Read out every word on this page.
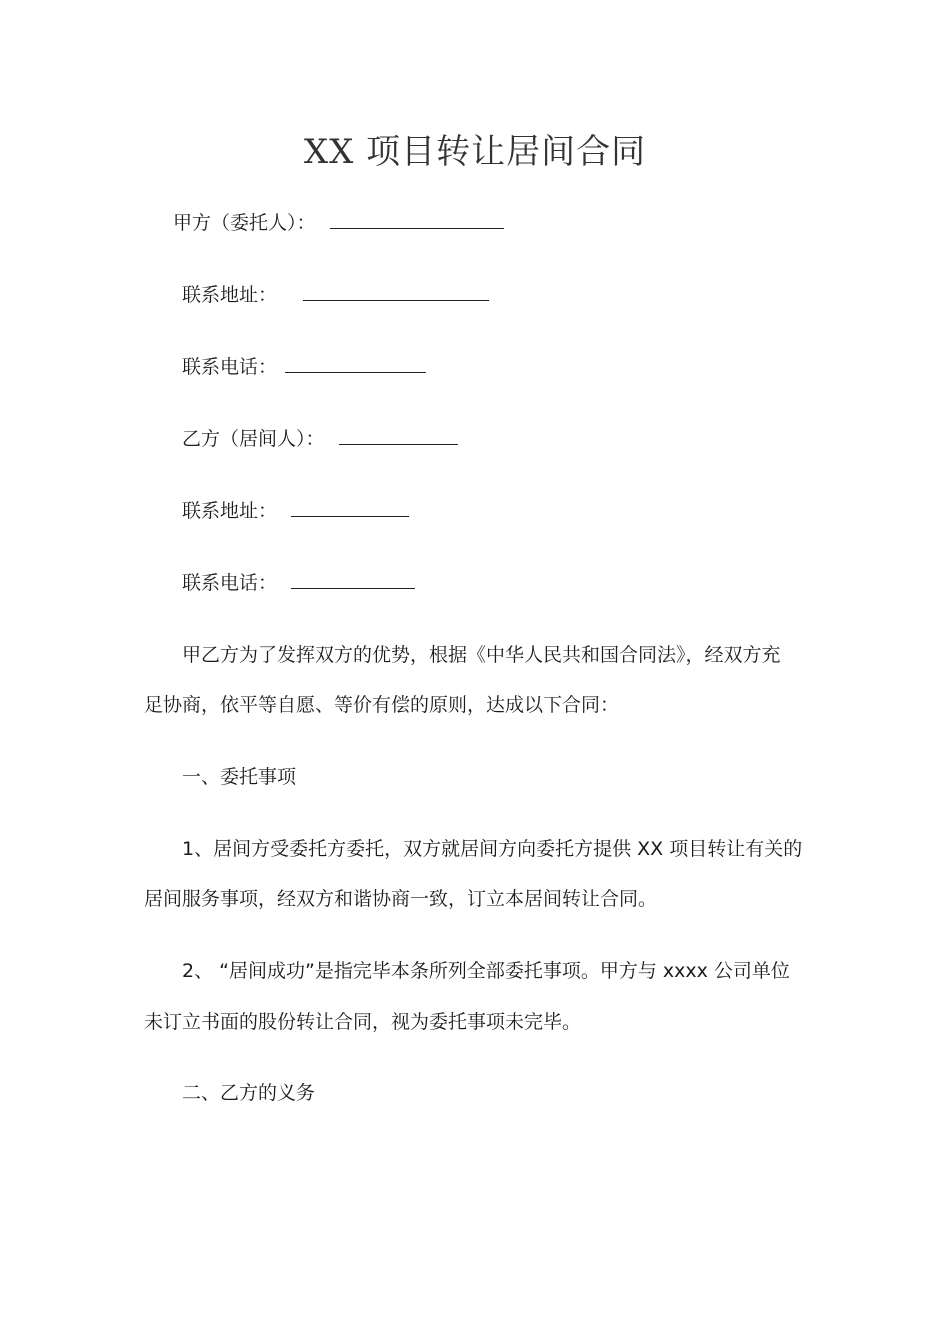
XX 项目转让居间合同
甲方（委托人）：
联系地址：
联系电话：
乙方（居间人）：
联系地址：
联系电话：
甲乙方为了发挥双方的优势，根据《中华人民共和国合同法》，经双方充
足协商，依平等自愿、等价有偿的原则，达成以下合同：
一、委托事项
1、居间方受委托方委托，双方就居间方向委托方提供 XX 项目转让有关的
居间服务事项，经双方和谐协商一致，订立本居间转让合同。
2、 “居间成功”是指完毕本条所列全部委托事项。甲方与 xxxx 公司单位
未订立书面的股份转让合同，视为委托事项未完毕。
二、乙方的义务
